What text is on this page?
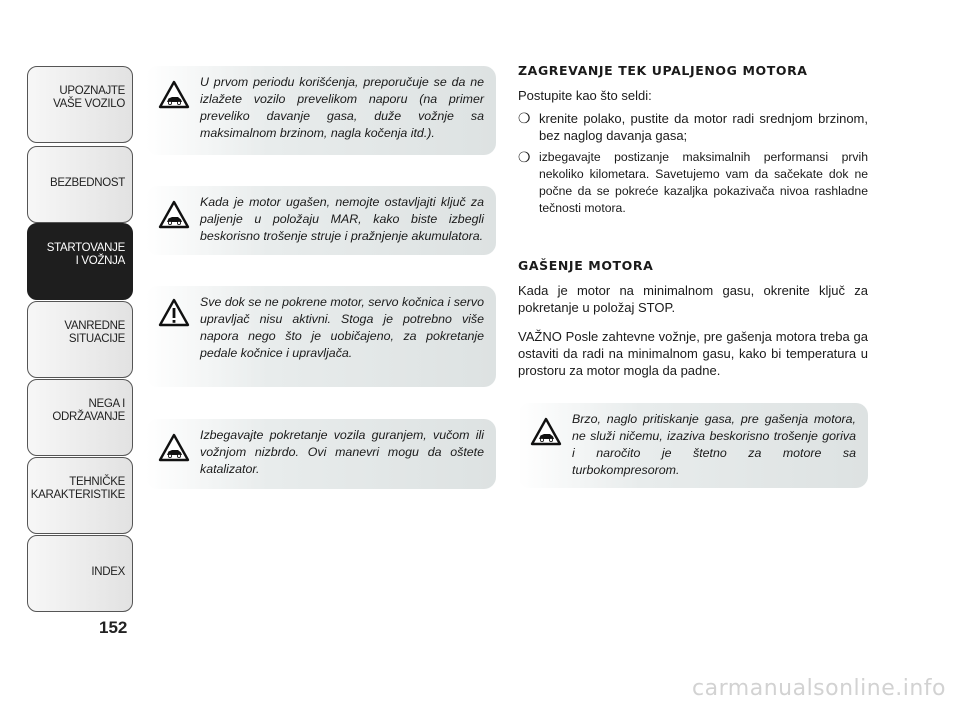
UPOZNAJTE
VAŠE VOZILO
BEZBEDNOST
STARTOVANJE
I VOŽNJA
VANREDNE
SITUACIJE
NEGA I
ODRŽAVANJE
TEHNIČKE
KARAKTERISTIKE
INDEX
152
U prvom periodu korišćenja, preporučuje se da ne izlažete vozilo prevelikom naporu (na primer preveliko davanje gasa, duže vožnje sa maksimalnom brzinom, nagla kočenja itd.).
Kada je motor ugašen, nemojte ostavljajti ključ za paljenje u položaju MAR, kako biste izbegli beskorisno trošenje struje i pražnjenje akumulatora.
Sve dok se ne pokrene motor, servo kočnica i servo upravljač nisu aktivni. Stoga je potrebno više napora nego što je uobičajeno, za pokretanje pedale kočnice i upravljača.
Izbegavajte pokretanje vozila guranjem, vučom ili vožnjom nizbrdo. Ovi manevri mogu da oštete katalizator.
ZAGREVANJE TEK UPALJENOG MOTORA

Postupite kao što seldi:

❍ krenite polako, pustite da motor radi srednjom brzinom, bez naglog davanja gasa;
❍ izbegavajte postizanje maksimalnih performansi prvih nekoliko kilometara. Savetujemo vam da sačekate dok ne počne da se pokreće kazaljka pokazivača nivoa rashladne tečnosti motora.
GAŠENJE MOTORA

Kada je motor na minimalnom gasu, okrenite ključ za pokretanje u položaj STOP.

VAŽNO Posle zahtevne vožnje, pre gašenja motora treba ga ostaviti da radi na minimalnom gasu, kako bi temperatura u prostoru za motor mogla da padne.

Brzo, naglo pritiskanje gasa, pre gašenja motora, ne služi ničemu, izaziva beskorisno trošenje goriva i naročito je štetno za motore sa turbokompresorom.
carmanualsonline.info
